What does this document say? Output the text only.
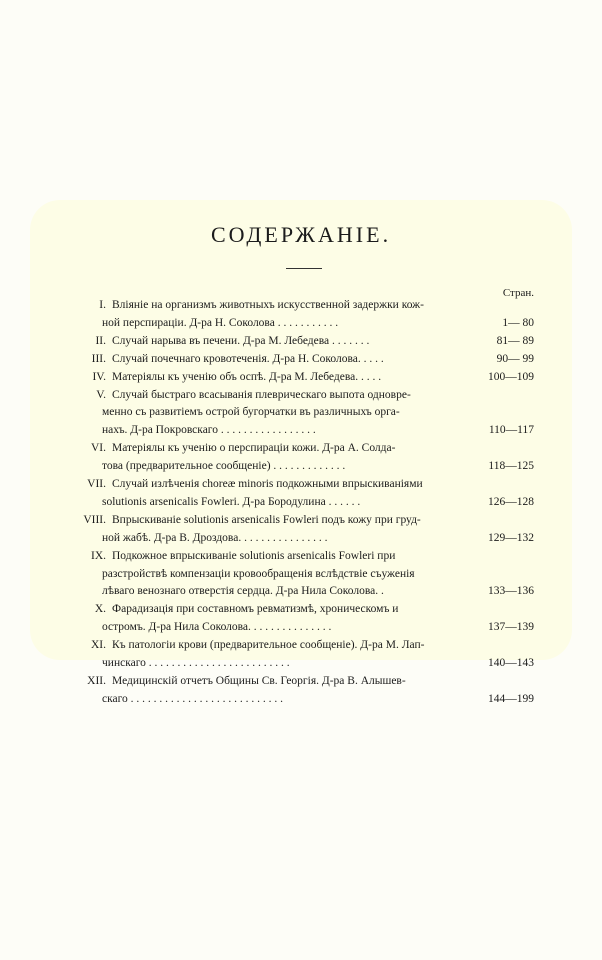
СОДЕРЖАНІЕ.
Стран.
I. Вліяніе на организмъ животныхъ искусственной задержки кож-
ной перспираціи. Д-ра Н. Соколова . . . . . . . . . . .	1— 80
II. Случай нарыва въ печени. Д-ра М. Лебедева . . . . . . .	81— 89
III. Случай почечнаго кровотеченія. Д-ра Н. Соколова. . . . .	90— 99
IV. Матеріялы къ ученію объ оспѣ. Д-ра М. Лебедева. . . . .	100—109
V. Случай быстраго всасыванія плеврическаго выпота одновре-
менно съ развитіемъ острой бугорчатки въ различныхъ орга-
нахъ. Д-ра Покровскаго . . . . . . . . . . . . . . . . .	110—117
VI. Матеріялы къ ученію о перспираціи кожи. Д-ра А. Солда-
това (предварительное сообщеніе) . . . . . . . . . . . . .	118—125
VII. Случай излѣченія choreæ minoris подкожными впрыскиваніями
solutionis arsenicalis Fowleri. Д-ра Бородулина . . . . . .	126—128
VIII. Впрыскиваніе solutionis arsenicalis Fowleri подъ кожу при груд-
ной жабѣ. Д-ра В. Дроздова. . . . . . . . . . . . . . . .	129—132
IX. Подкожное впрыскиваніе solutionis arsenicalis Fowleri при
разстройствѣ компензаціи кровообращенія вслѣдствіе съуженія
лѣваго венознаго отверстія сердца. Д-ра Нила Соколова. .	133—136
X. Фарадизація при составномъ ревматизмѣ, хроническомъ и
остромъ. Д-ра Нила Соколова. . . . . . . . . . . . . . .	137—139
XI. Къ патологіи крови (предварительное сообщеніе). Д-ра М. Лап-
чинскаго . . . . . . . . . . . . . . . . . . . . . . . . .	140—143
XII. Медицинскій отчетъ Общины Св. Георгія. Д-ра В. Алышев-
скаго . . . . . . . . . . . . . . . . . . . . . . . . . . .	144—199
